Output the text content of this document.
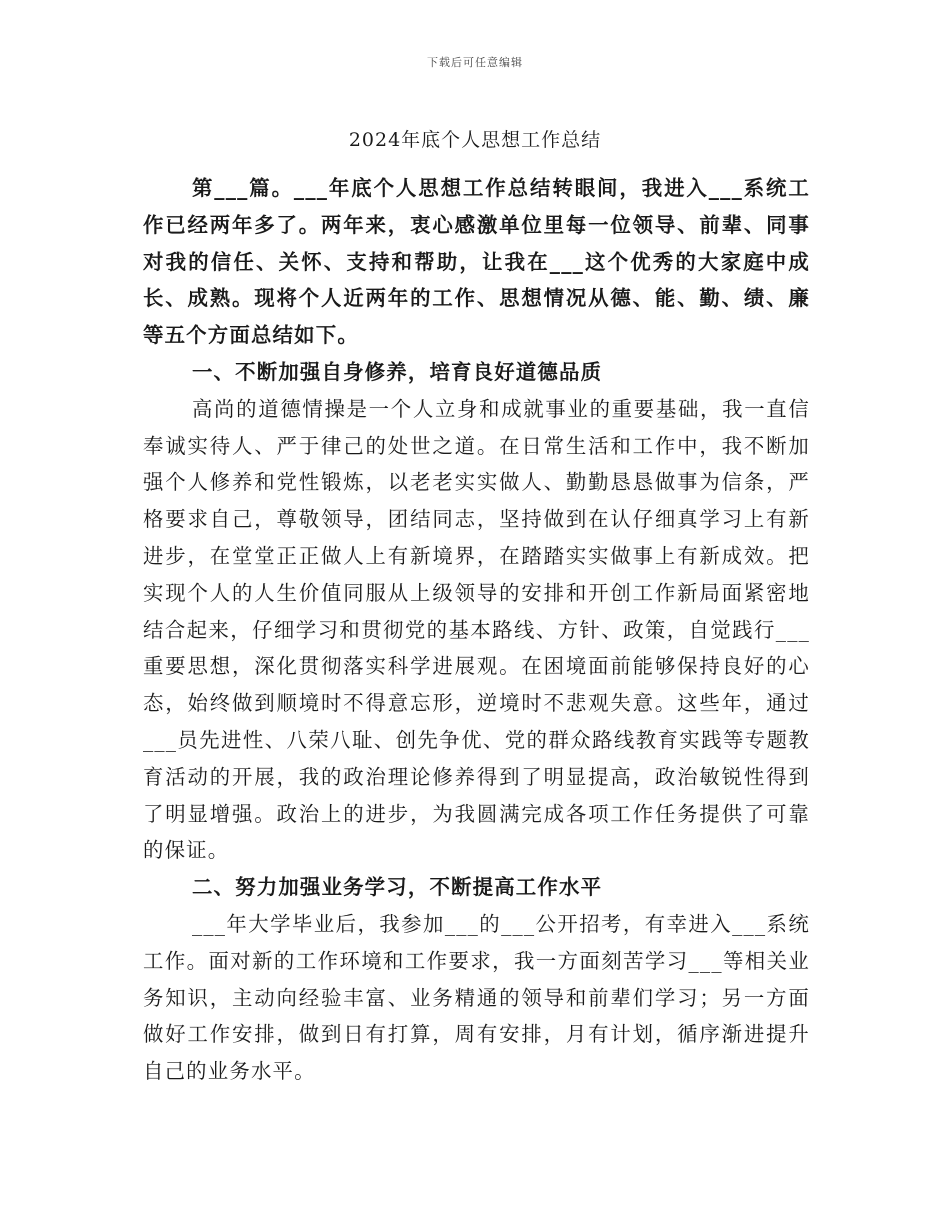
下载后可任意编辑
2024年底个人思想工作总结

第___篇。___年底个人思想工作总结转眼间，我进入___系统工作已经两年多了。两年来，衷心感激单位里每一位领导、前辈、同事对我的信任、关怀、支持和帮助，让我在___这个优秀的大家庭中成长、成熟。现将个人近两年的工作、思想情况从德、能、勤、绩、廉等五个方面总结如下。

一、不断加强自身修养，培育良好道德品质

高尚的道德情操是一个人立身和成就事业的重要基础，我一直信奉诚实待人、严于律己的处世之道。在日常生活和工作中，我不断加强个人修养和党性锻炼，以老老实实做人、勤勤恳恳做事为信条，严格要求自己，尊敬领导，团结同志，坚持做到在认仔细真学习上有新进步，在堂堂正正做人上有新境界，在踏踏实实做事上有新成效。把实现个人的人生价值同服从上级领导的安排和开创工作新局面紧密地结合起来，仔细学习和贯彻党的基本路线、方针、政策，自觉践行___重要思想，深化贯彻落实科学进展观。在困境面前能够保持良好的心态，始终做到顺境时不得意忘形，逆境时不悲观失意。这些年，通过___员先进性、八荣八耻、创先争优、党的群众路线教育实践等专题教育活动的开展，我的政治理论修养得到了明显提高，政治敏锐性得到了明显增强。政治上的进步，为我圆满完成各项工作任务提供了可靠的保证。

二、努力加强业务学习，不断提高工作水平

___年大学毕业后，我参加___的___公开招考，有幸进入___系统工作。面对新的工作环境和工作要求，我一方面刻苦学习___等相关业务知识，主动向经验丰富、业务精通的领导和前辈们学习；另一方面做好工作安排，做到日有打算，周有安排，月有计划，循序渐进提升自己的业务水平。
